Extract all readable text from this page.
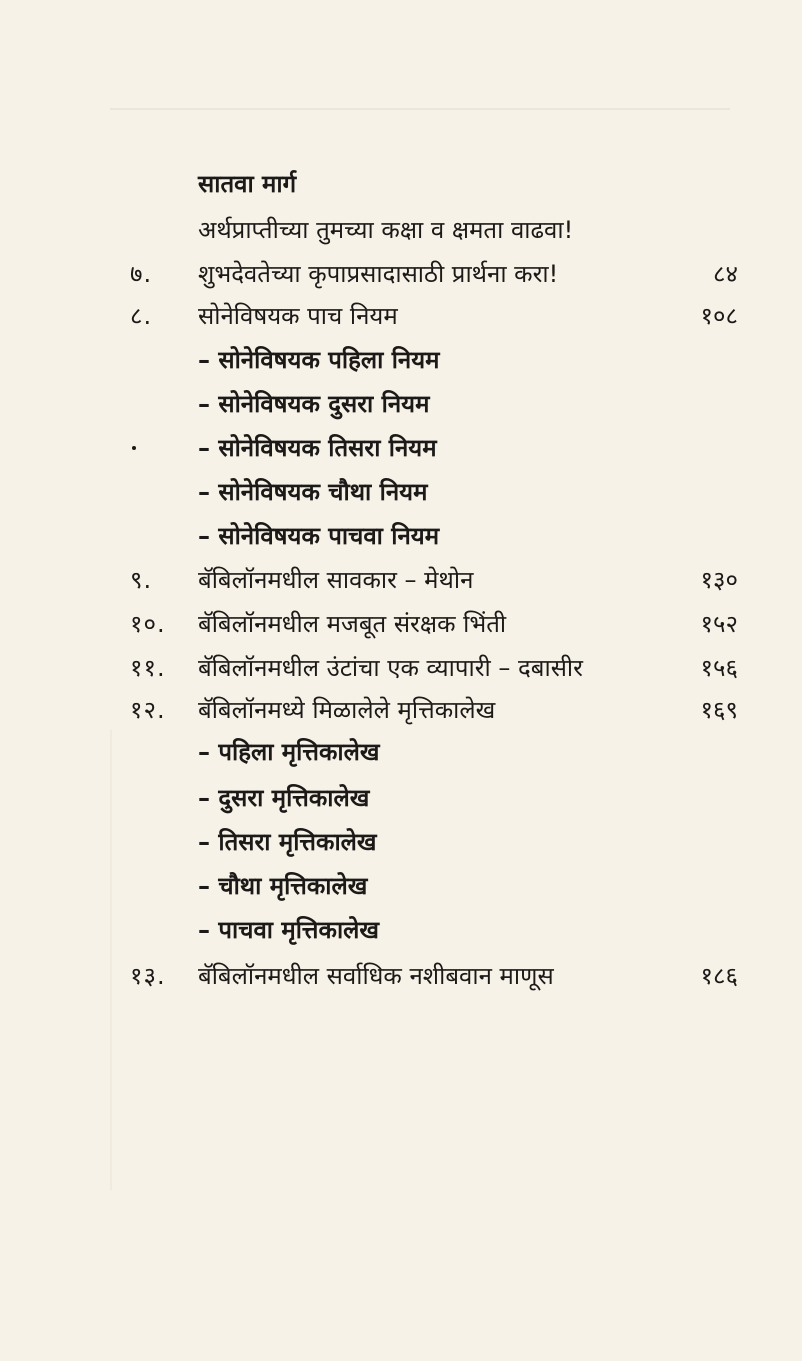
सातवा मार्ग
अर्थप्राप्तीच्या तुमच्या कक्षा व क्षमता वाढवा!
७. शुभदेवतेच्या कृपाप्रसादासाठी प्रार्थना करा!	८४
८. सोनेविषयक पाच नियम	१०८
– सोनेविषयक पहिला नियम
– सोनेविषयक दुसरा नियम
– सोनेविषयक तिसरा नियम
– सोनेविषयक चौथा नियम
– सोनेविषयक पाचवा नियम
९. बॅबिलॉनमधील सावकार – मेथोन	१३०
१०. बॅबिलॉनमधील मजबूत संरक्षक भिंती	१५२
११. बॅबिलॉनमधील उंटांचा एक व्यापारी – दबासीर	१५६
१२. बॅबिलॉनमध्ये मिळालेले मृत्तिकालेख	१६९
– पहिला मृत्तिकालेख
– दुसरा मृत्तिकालेख
– तिसरा मृत्तिकालेख
– चौथा मृत्तिकालेख
– पाचवा मृत्तिकालेख
१३. बॅबिलॉनमधील सर्वाधिक नशीबवान माणूस	१८६
